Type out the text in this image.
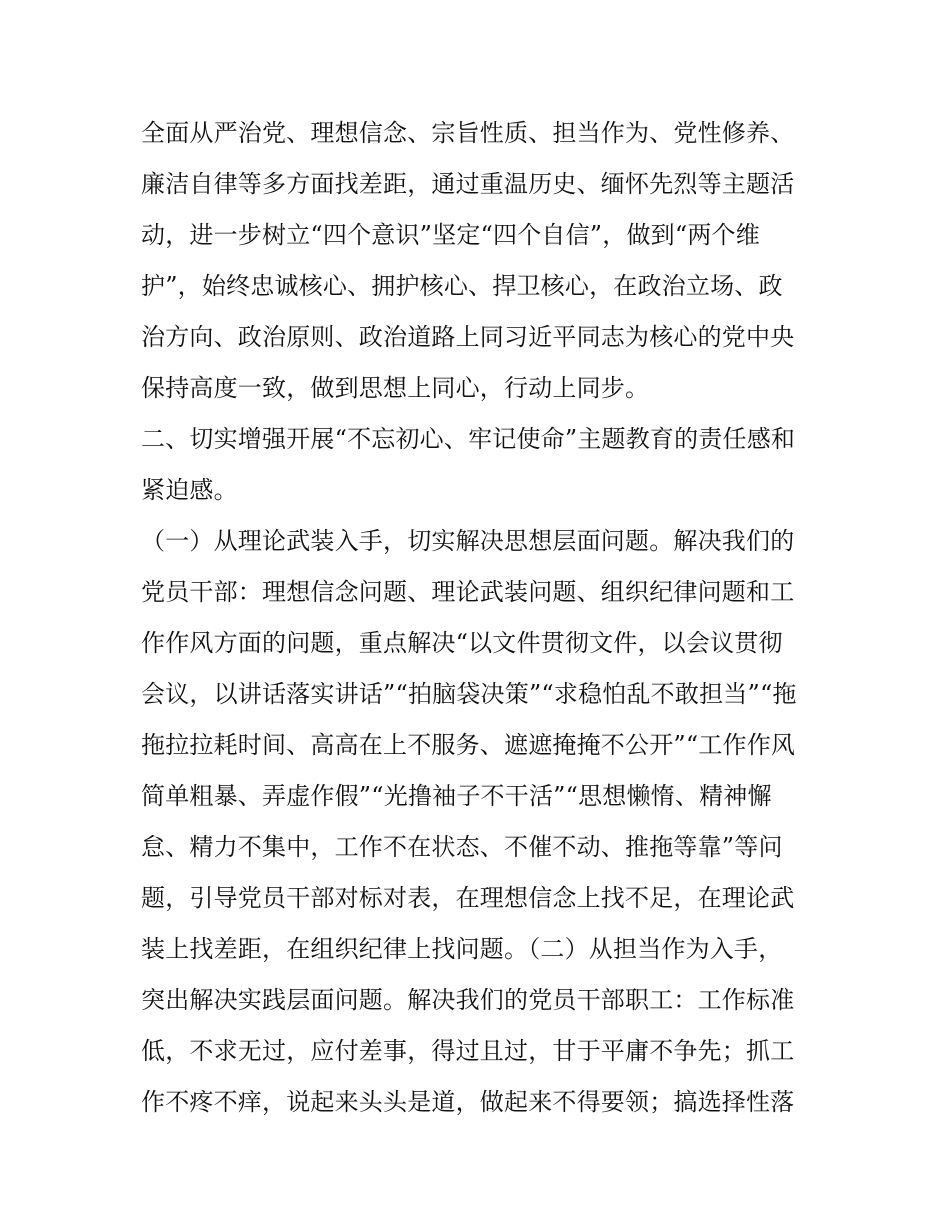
全面从严治党、理想信念、宗旨性质、担当作为、党性修养、
廉洁自律等多方面找差距，通过重温历史、缅怀先烈等主题活
动，进一步树立“四个意识”坚定“四个自信”，做到“两个维
护”，始终忠诚核心、拥护核心、捍卫核心，在政治立场、政
治方向、政治原则、政治道路上同习近平同志为核心的党中央
保持高度一致，做到思想上同心，行动上同步。
二、切实增强开展“不忘初心、牢记使命”主题教育的责任感和
紧迫感。
（一）从理论武装入手，切实解决思想层面问题。解决我们的
党员干部：理想信念问题、理论武装问题、组织纪律问题和工
作作风方面的问题，重点解决“以文件贯彻文件，以会议贯彻
会议，以讲话落实讲话”“拍脑袋决策”“求稳怕乱不敢担当”“拖
拖拉拉耗时间、高高在上不服务、遮遮掩掩不公开”“工作作风
简单粗暴、弄虚作假”“光撸袖子不干活”“思想懒惰、精神懈
怠、精力不集中，工作不在状态、不催不动、推拖等靠”等问
题，引导党员干部对标对表，在理想信念上找不足，在理论武
装上找差距，在组织纪律上找问题。（二）从担当作为入手，
突出解决实践层面问题。解决我们的党员干部职工：工作标准
低，不求无过，应付差事，得过且过，甘于平庸不争先；抓工
作不疼不痒，说起来头头是道，做起来不得要领；搞选择性落
